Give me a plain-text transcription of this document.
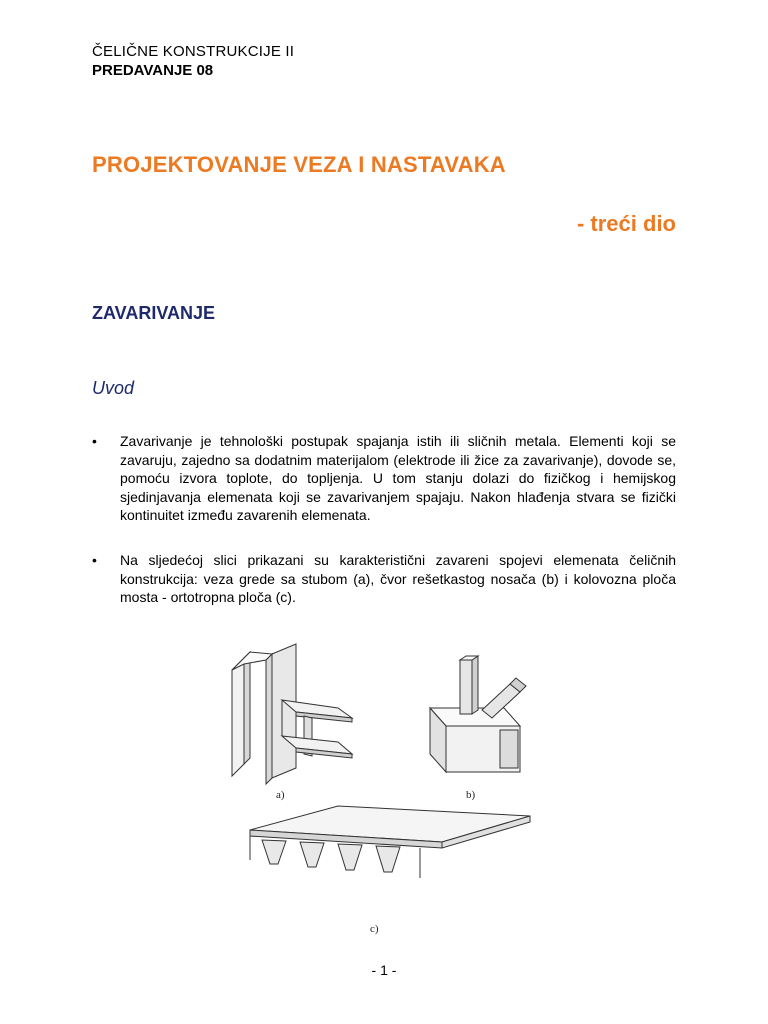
ČELIČNE KONSTRUKCIJE II
PREDAVANJE 08
PROJEKTOVANJE VEZA I NASTAVAKA
- treći dio
ZAVARIVANJE
Uvod
•	Zavarivanje je tehnološki postupak spajanja istih ili sličnih metala. Elementi koji se zavaruju, zajedno sa dodatnim materijalom (elektrode ili žice za zavarivanje), dovode se, pomoću izvora toplote, do topljenja. U tom stanju dolazi do fizičkog i hemijskog sjedinjavanja elemenata koji se zavarivanjem spajaju. Nakon hlađenja stvara se fizički kontinuitet između zavarenih elemenata.
•	Na sljedećoj slici prikazani su karakteristični zavareni spojevi elemenata čeličnih konstrukcija: veza grede sa stubom (a), čvor rešetkastog nosača (b) i kolovozna ploča mosta - ortotropna ploča (c).
a)	b)
c)
- 1 -
